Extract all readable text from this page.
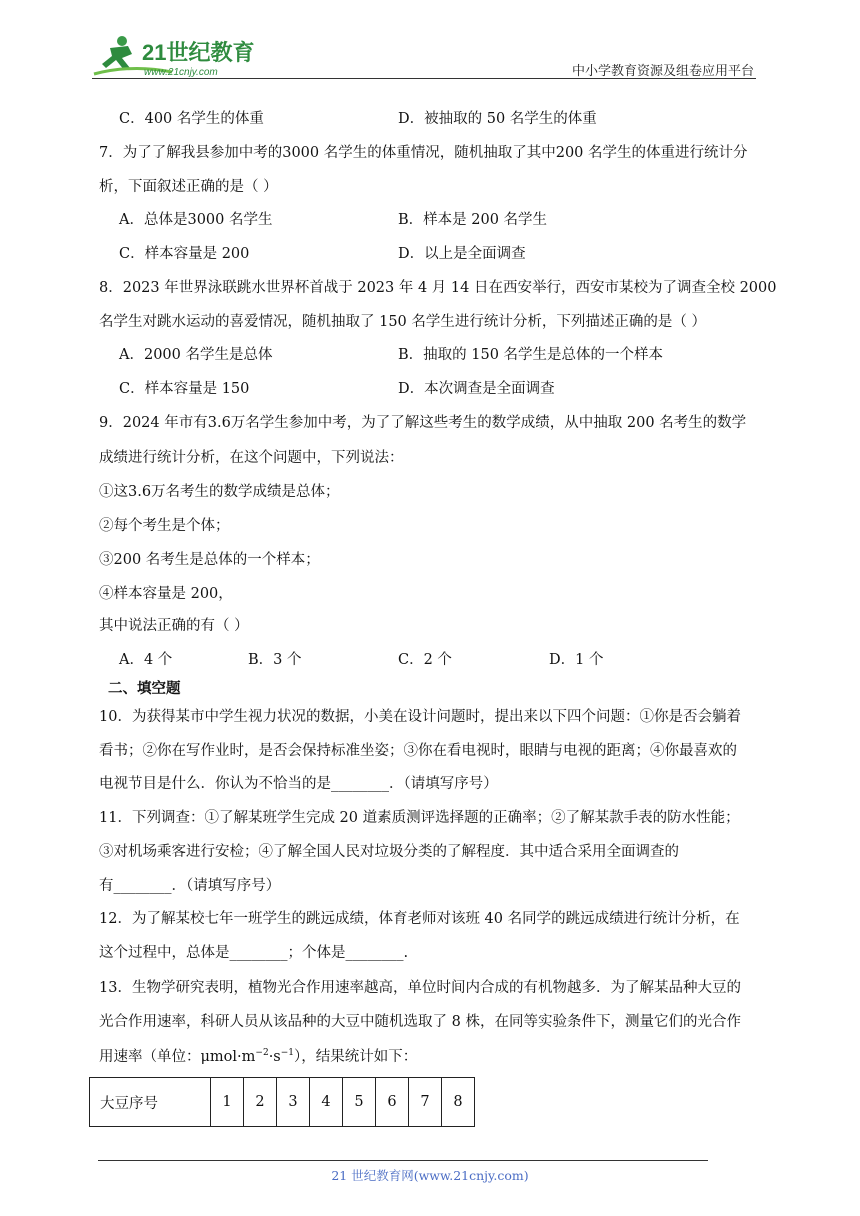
21世纪教育
www.21cnjy.com	中小学教育资源及组卷应用平台
C．400 名学生的体重	D．被抽取的 50 名学生的体重
7．为了了解我县参加中考的3000 名学生的体重情况，随机抽取了其中200 名学生的体重进行统计分
析，下面叙述正确的是（ ）
A．总体是3000 名学生	B．样本是 200 名学生
C．样本容量是 200	D．以上是全面调查
8．2023 年世界泳联跳水世界杯首战于 2023 年 4 月 14 日在西安举行，西安市某校为了调查全校 2000
名学生对跳水运动的喜爱情况，随机抽取了 150 名学生进行统计分析，下列描述正确的是（ ）
A．2000 名学生是总体	B．抽取的 150 名学生是总体的一个样本
C．样本容量是 150	D．本次调查是全面调查
9．2024 年市有3.6万名学生参加中考，为了了解这些考生的数学成绩，从中抽取 200 名考生的数学
成绩进行统计分析，在这个问题中，下列说法：
①这3.6万名考生的数学成绩是总体；
②每个考生是个体；
③200 名考生是总体的一个样本；
④样本容量是 200，
其中说法正确的有（ ）
A．4 个	B．3 个	C．2 个	D．1 个
二、填空题
10．为获得某市中学生视力状况的数据，小美在设计问题时，提出来以下四个问题：①你是否会躺着
看书；②你在写作业时，是否会保持标准坐姿；③你在看电视时，眼睛与电视的距离；④你最喜欢的
电视节目是什么．你认为不恰当的是________．（请填写序号）
11．下列调查：①了解某班学生完成 20 道素质测评选择题的正确率；②了解某款手表的防水性能；
③对机场乘客进行安检；④了解全国人民对垃圾分类的了解程度．其中适合采用全面调查的
有________．（请填写序号）
12．为了解某校七年一班学生的跳远成绩，体育老师对该班 40 名同学的跳远成绩进行统计分析，在
这个过程中，总体是________；个体是________.
13．生物学研究表明，植物光合作用速率越高，单位时间内合成的有机物越多．为了解某品种大豆的
光合作用速率，科研人员从该品种的大豆中随机选取了 8 株，在同等实验条件下，测量它们的光合作
用速率（单位：$\mu mol\cdot m^{-2}\cdot s^{-1}$），结果统计如下：
大豆序号	1	2	3	4	5	6	7	8
21 世纪教育网(www.21cnjy.com)
